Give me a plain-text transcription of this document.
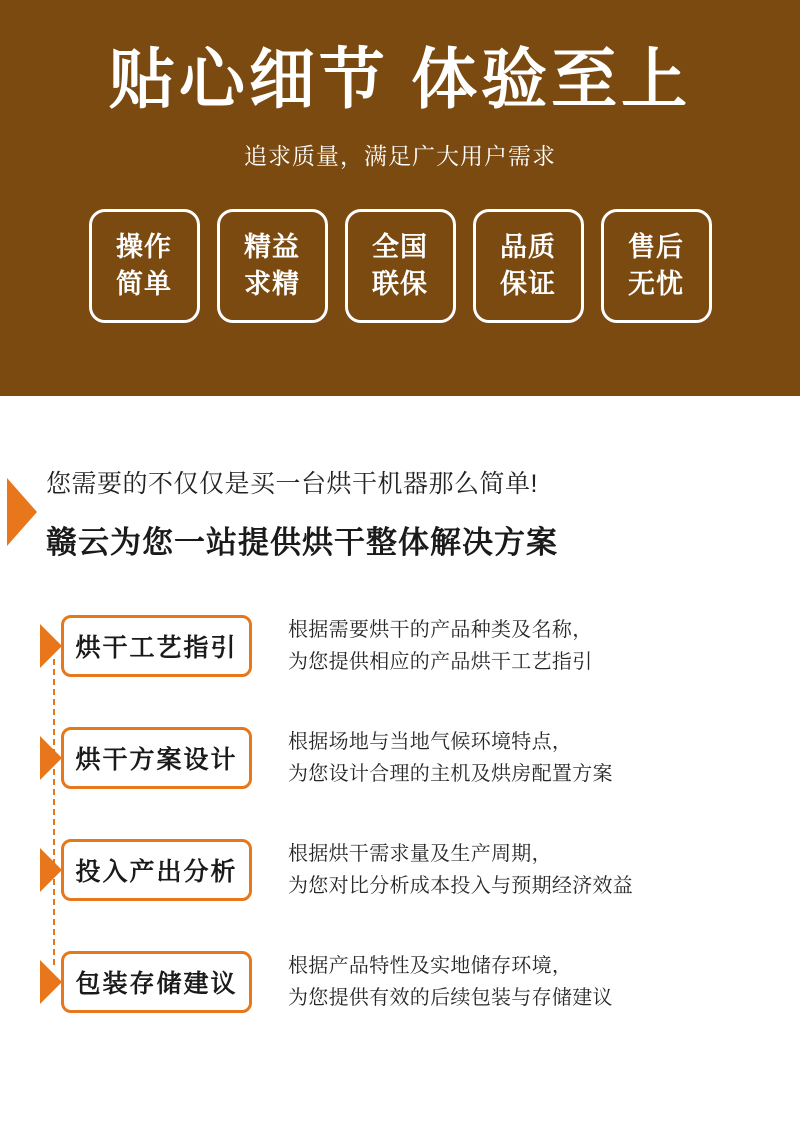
贴心细节 体验至上
追求质量，满足广大用户需求
操作
简单
精益
求精
全国
联保
品质
保证
售后
无忧
您需要的不仅仅是买一台烘干机器那么简单!
赣云为您一站提供烘干整体解决方案
烘干工艺指引
根据需要烘干的产品种类及名称，
为您提供相应的产品烘干工艺指引
烘干方案设计
根据场地与当地气候环境特点，
为您设计合理的主机及烘房配置方案
投入产出分析
根据烘干需求量及生产周期，
为您对比分析成本投入与预期经济效益
包装存储建议
根据产品特性及实地储存环境，
为您提供有效的后续包装与存储建议
